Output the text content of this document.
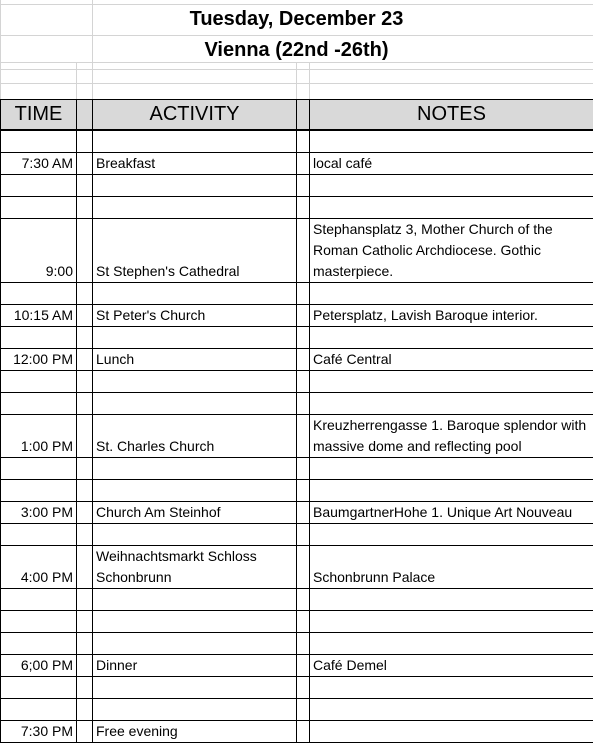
Tuesday, December 23
Vienna (22nd -26th)
TIME		ACTIVITY		NOTES

7:30 AM		Breakfast		local café

9:00		St Stephen's Cathedral		Stephansplatz 3, Mother Church of the Roman Catholic Archdiocese. Gothic masterpiece.

10:15 AM		St Peter's Church		Petersplatz, Lavish Baroque interior.

12:00 PM		Lunch		Café Central

1:00 PM		St. Charles Church		Kreuzherrengasse 1. Baroque splendor with massive dome and reflecting pool

3:00 PM		Church Am Steinhof		BaumgartnerHohe 1. Unique Art Nouveau

4:00 PM		Weihnachtsmarkt Schloss Schonbrunn		Schonbrunn Palace

6;00 PM		Dinner		Café Demel

7:30 PM		Free evening		
